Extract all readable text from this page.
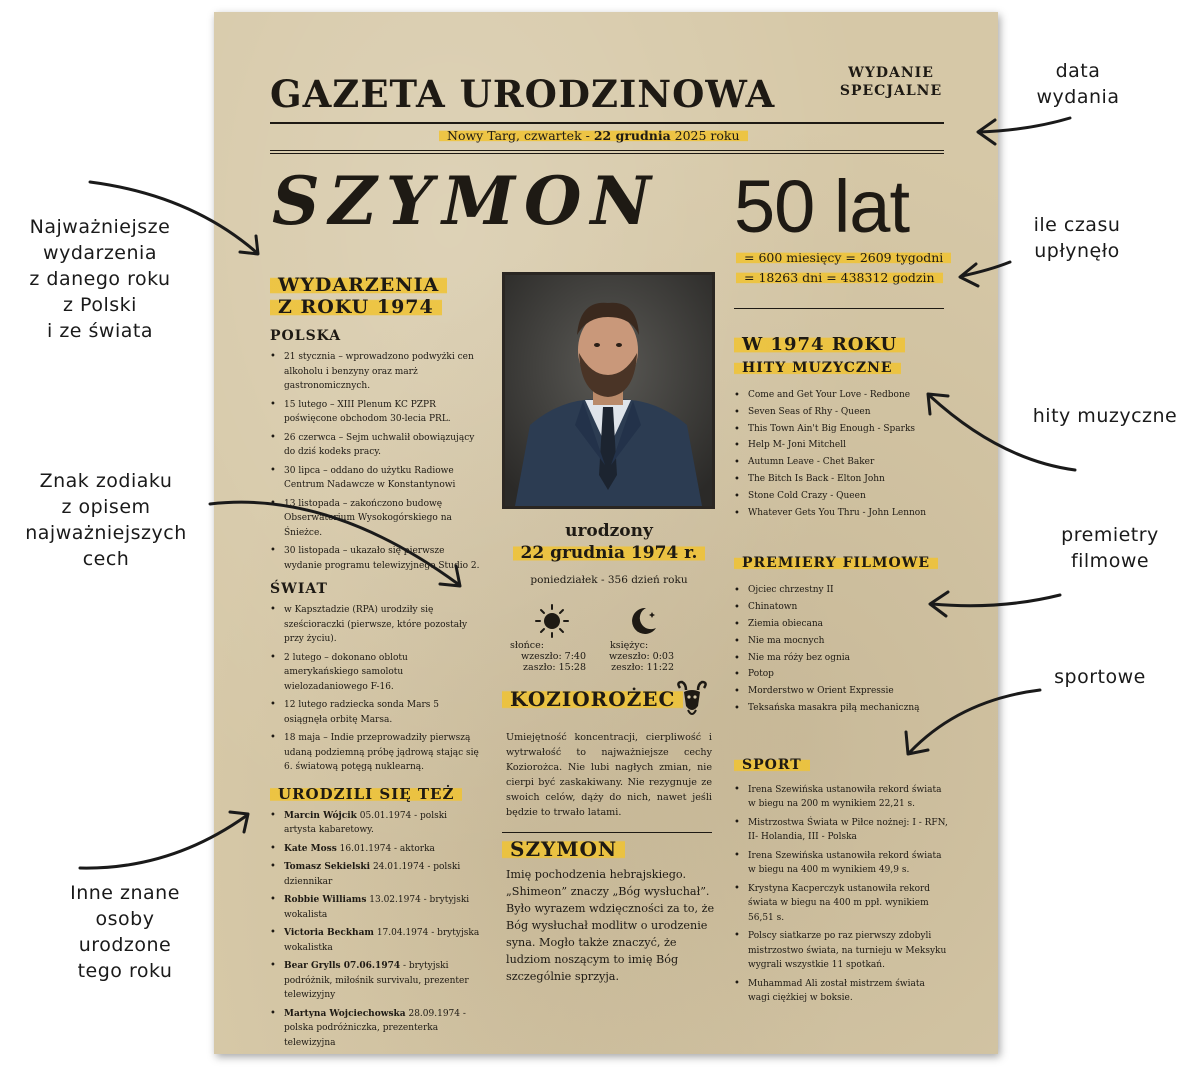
GAZETA URODZINOWA	WYDANIE
SPECJALNE
Nowy Targ, czwartek - 22 grudnia 2025 roku
SZYMON 50 lat
= 600 miesięcy = 2609 tygodni
= 18263 dni = 438312 godzin
WYDARZENIA
Z ROKU 1974
POLSKA
• 21 stycznia – wprowadzono podwyżki cen alkoholu i benzyny oraz marż gastronomicznych.
• 15 lutego – XIII Plenum KC PZPR poświęcone obchodom 30-lecia PRL.
• 26 czerwca – Sejm uchwalił obowiązujący do dziś kodeks pracy.
• 30 lipca – oddano do użytku Radiowe Centrum Nadawcze w Konstantynowi
• 13 listopada – zakończono budowę Obserwatorium Wysokogórskiego na Śnieżce.
• 30 listopada – ukazało się pierwsze wydanie programu telewizyjnego Studio 2.
ŚWIAT
• w Kapsztadzie (RPA) urodziły się sześcioraczki (pierwsze, które pozostały przy życiu).
• 2 lutego – dokonano oblotu amerykańskiego samolotu wielozadaniowego F-16.
• 12 lutego radziecka sonda Mars 5 osiągnęła orbitę Marsa.
• 18 maja – Indie przeprowadziły pierwszą udaną podziemną próbę jądrową stając się 6. światową potęgą nuklearną.
URODZILI SIĘ TEŻ
• Marcin Wójcik 05.01.1974 - polski artysta kabaretowy.
• Kate Moss 16.01.1974 - aktorka
• Tomasz Sekielski 24.01.1974 - polski dziennikar
• Robbie Williams 13.02.1974 - brytyjski wokalista
• Victoria Beckham 17.04.1974 - brytyjska wokalistka
• Bear Grylls 07.06.1974 - brytyjski podróżnik, miłośnik survivalu, prezenter telewizyjny
• Martyna Wojciechowska 28.09.1974 - polska podróżniczka, prezenterka telewizyjna
urodzony
22 grudnia 1974 r.
poniedziałek - 356 dzień roku
słońce:
wzeszło: 7:40
zaszło: 15:28
księżyc:
wzeszło: 0:03
zeszło: 11:22
KOZIOROŻEC
Umiejętność koncentracji, cierpliwość i wytrwałość to najważniejsze cechy Koziorożca. Nie lubi nagłych zmian, nie cierpi być zaskakiwany. Nie rezygnuje ze swoich celów, dąży do nich, nawet jeśli będzie to trwało latami.
SZYMON
Imię pochodzenia hebrajskiego. „Shimeon” znaczy „Bóg wysłuchał”. Było wyrazem wdzięczności za to, że Bóg wysłuchał modlitw o urodzenie syna. Mogło także znaczyć, że ludziom noszącym to imię Bóg szczególnie sprzyja.
W 1974 ROKU
HITY MUZYCZNE
• Come and Get Your Love - Redbone
• Seven Seas of Rhy - Queen
• This Town Ain't Big Enough - Sparks
• Help M- Joni Mitchell
• Autumn Leave - Chet Baker
• The Bitch Is Back - Elton John
• Stone Cold Crazy - Queen
• Whatever Gets You Thru - John Lennon
PREMIERY FILMOWE
• Ojciec chrzestny II
• Chinatown
• Ziemia obiecana
• Nie ma mocnych
• Nie ma róży bez ognia
• Potop
• Morderstwo w Orient Expressie
• Teksańska masakra piłą mechaniczną
SPORT
• Irena Szewińska ustanowiła rekord świata w biegu na 200 m wynikiem 22,21 s.
• Mistrzostwa Świata w Piłce nożnej: I - RFN, II- Holandia, III - Polska
• Irena Szewińska ustanowiła rekord świata w biegu na 400 m wynikiem 49,9 s.
• Krystyna Kacperczyk ustanowiła rekord świata w biegu na 400 m ppł. wynikiem 56,51 s.
• Polscy siatkarze po raz pierwszy zdobyli mistrzostwo świata, na turnieju w Meksyku wygrali wszystkie 11 spotkań.
• Muhammad Ali został mistrzem świata wagi ciężkiej w boksie.
data
wydania
ile czasu
upłynęło
hity muzyczne
premietry
filmowe
sportowe
Najważniejsze
wydarzenia
z danego roku
z Polski
i ze świata
Znak zodiaku
z opisem
najważniejszych
cech
Inne znane
osoby
urodzone
tego roku
